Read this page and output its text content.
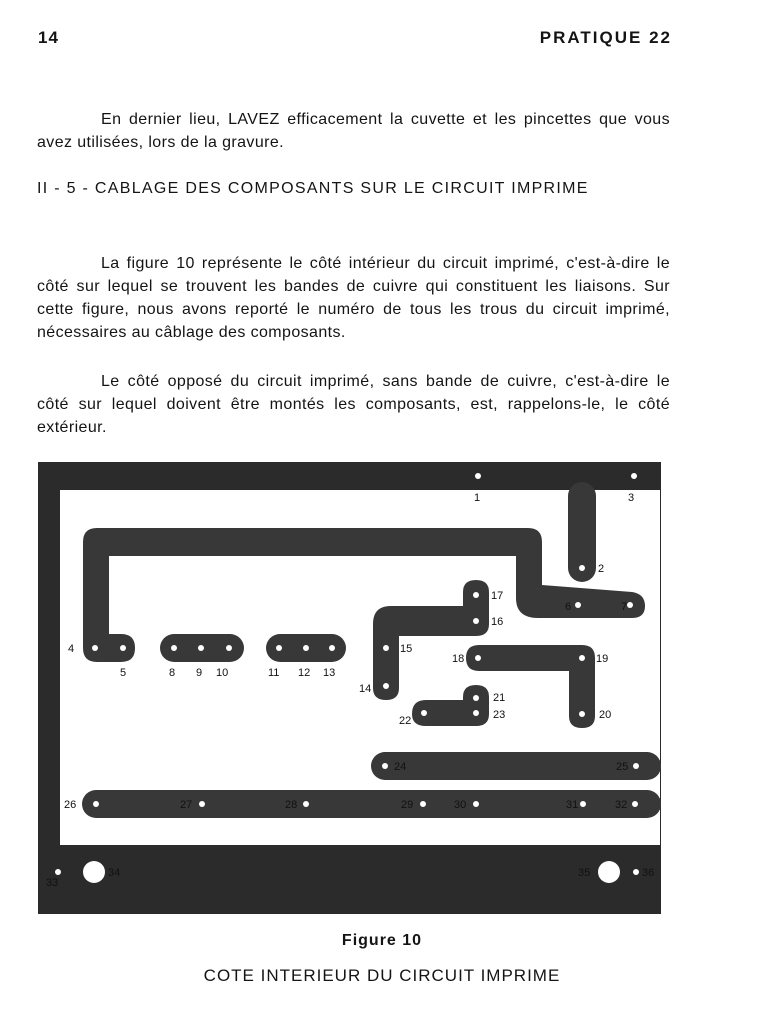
14	PRATIQUE 22

En dernier lieu, LAVEZ efficacement la cuvette et les pincettes que vous avez utilisées, lors de la gravure.

II - 5 - CABLAGE DES COMPOSANTS SUR LE CIRCUIT IMPRIME

La figure 10 représente le côté intérieur du circuit imprimé, c'est-à-dire le côté sur lequel se trouvent les bandes de cuivre qui constituent les liaisons. Sur cette figure, nous avons reporté le numéro de tous les trous du circuit imprimé, nécessaires au câblage des composants.

Le côté opposé du circuit imprimé, sans bande de cuivre, c'est-à-dire le côté sur lequel doivent être montés les composants, est, rappelons-le, le côté extérieur.

1
2
3
4
5
6	7
8 9 10	11 12 13
14
15
16
17
18	19
20
21
22	23
24	25
26	27	28	29	30	31	32
33
34	35	36
Figure 10
COTE INTERIEUR DU CIRCUIT IMPRIME
